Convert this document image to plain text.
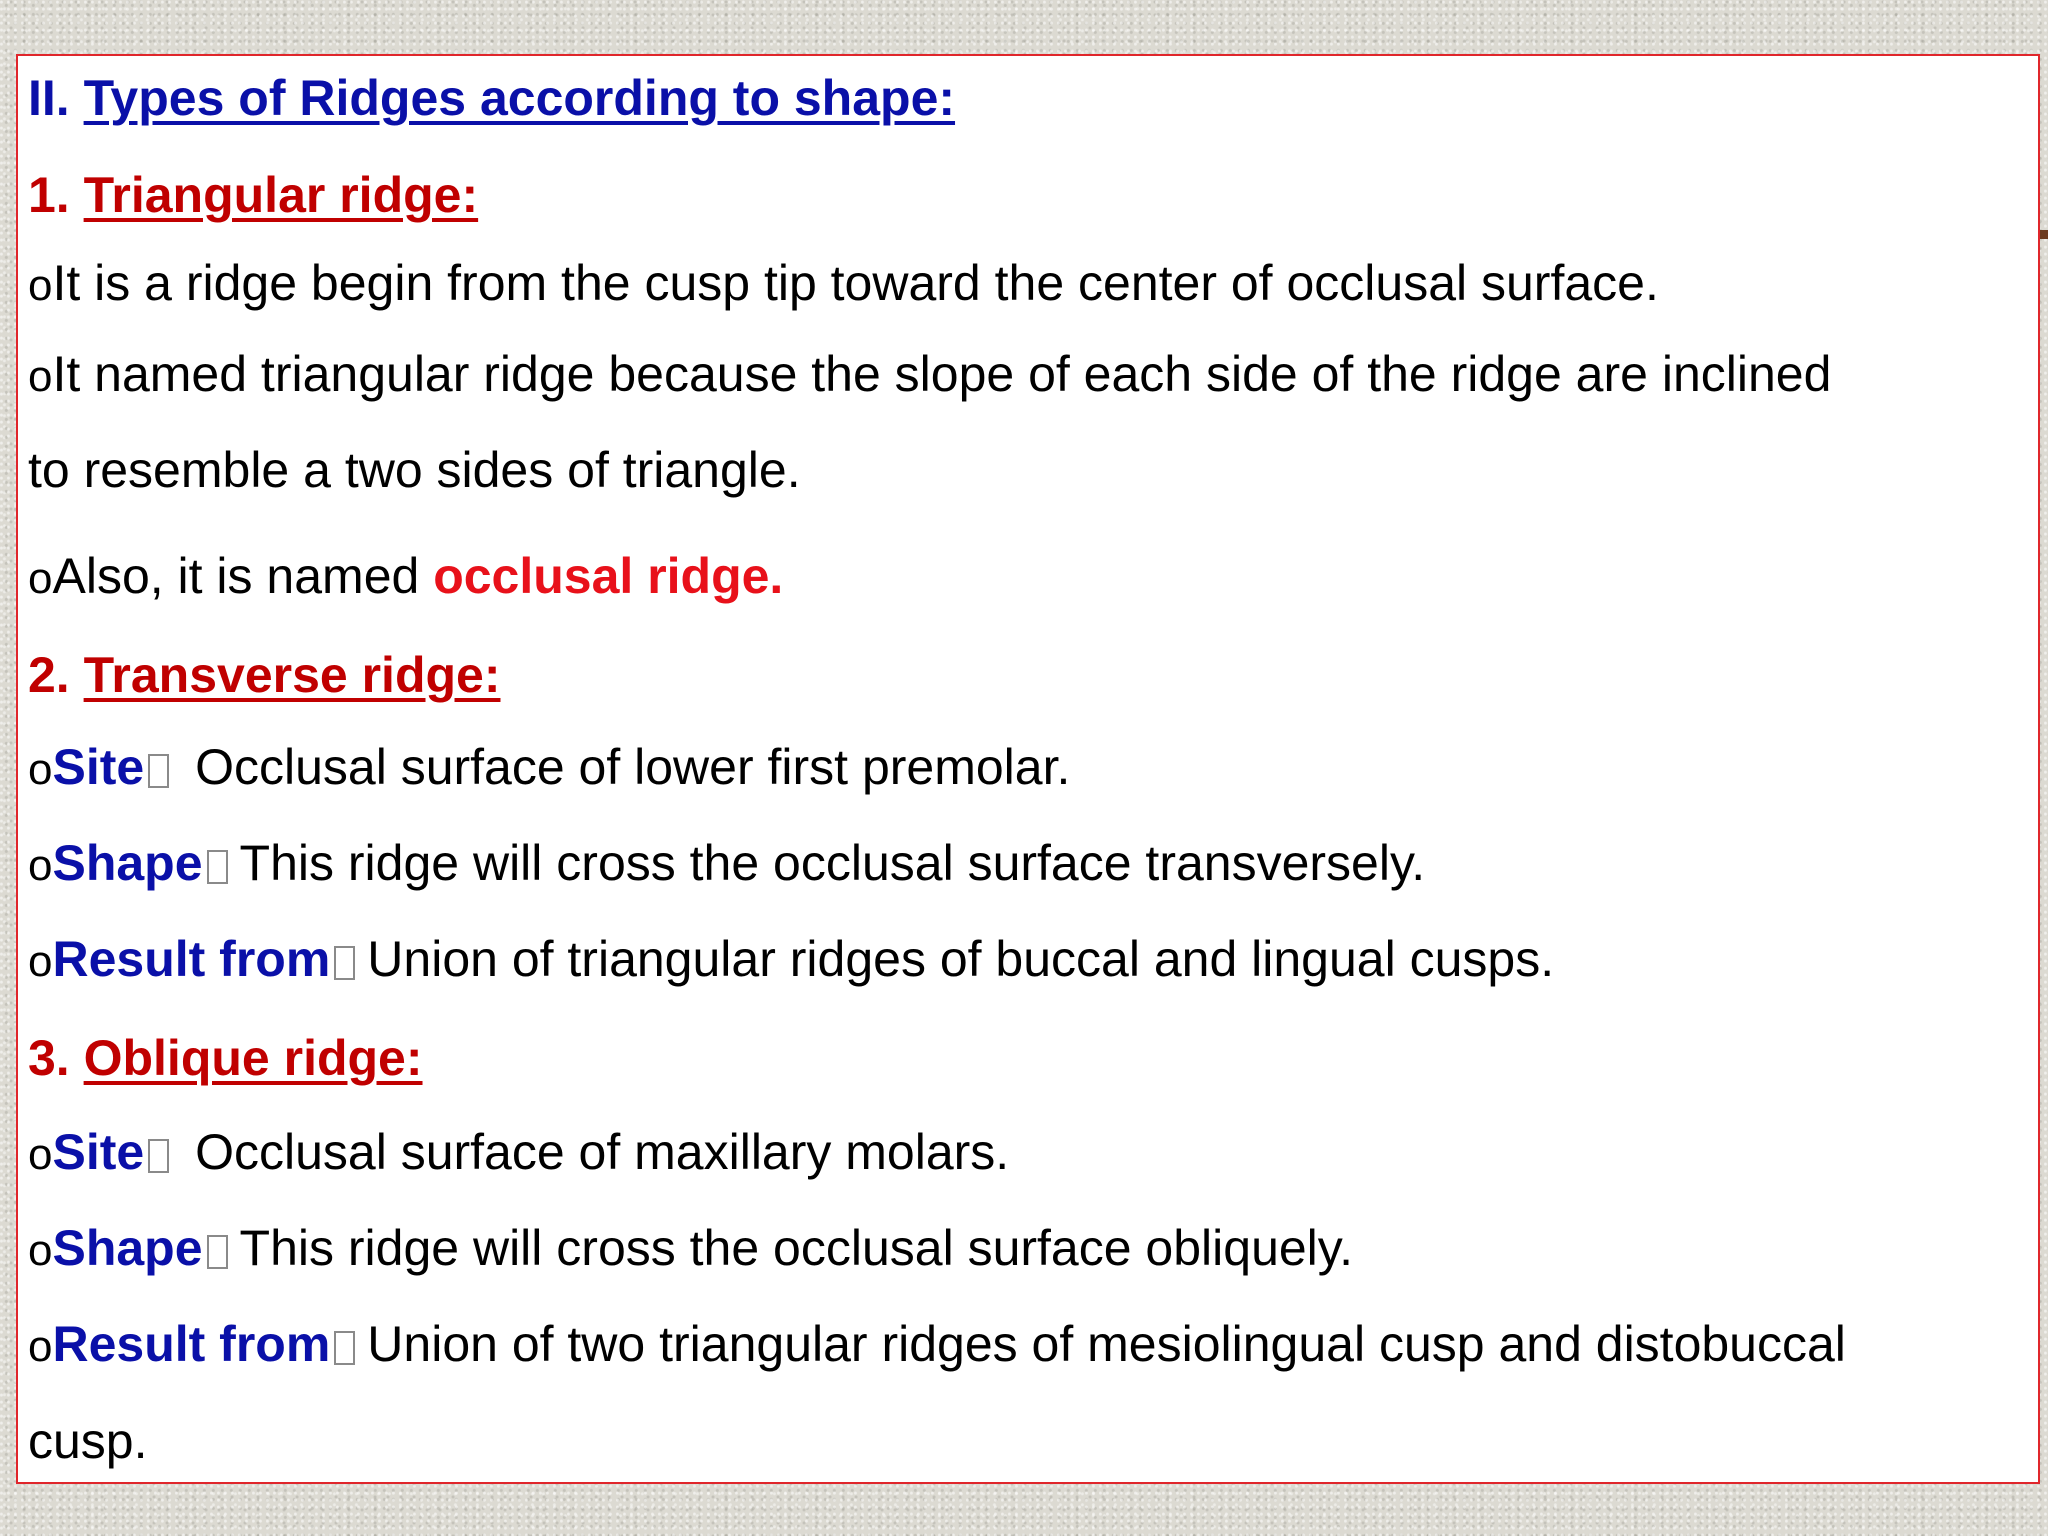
II. Types of Ridges according to shape:
1. Triangular ridge:
oIt is a ridge begin from the cusp tip toward the center of occlusal surface.
oIt named triangular ridge because the slope of each side of the ridge are inclined
to resemble a two sides of triangle.
oAlso, it is named occlusal ridge.
2. Transverse ridge:
oSite Occlusal surface of lower first premolar.
oShape This ridge will cross the occlusal surface transversely.
oResult from Union of triangular ridges of buccal and lingual cusps.
3. Oblique ridge:
oSite Occlusal surface of maxillary molars.
oShape This ridge will cross the occlusal surface obliquely.
oResult from Union of two triangular ridges of mesiolingual cusp and distobuccal
cusp.
